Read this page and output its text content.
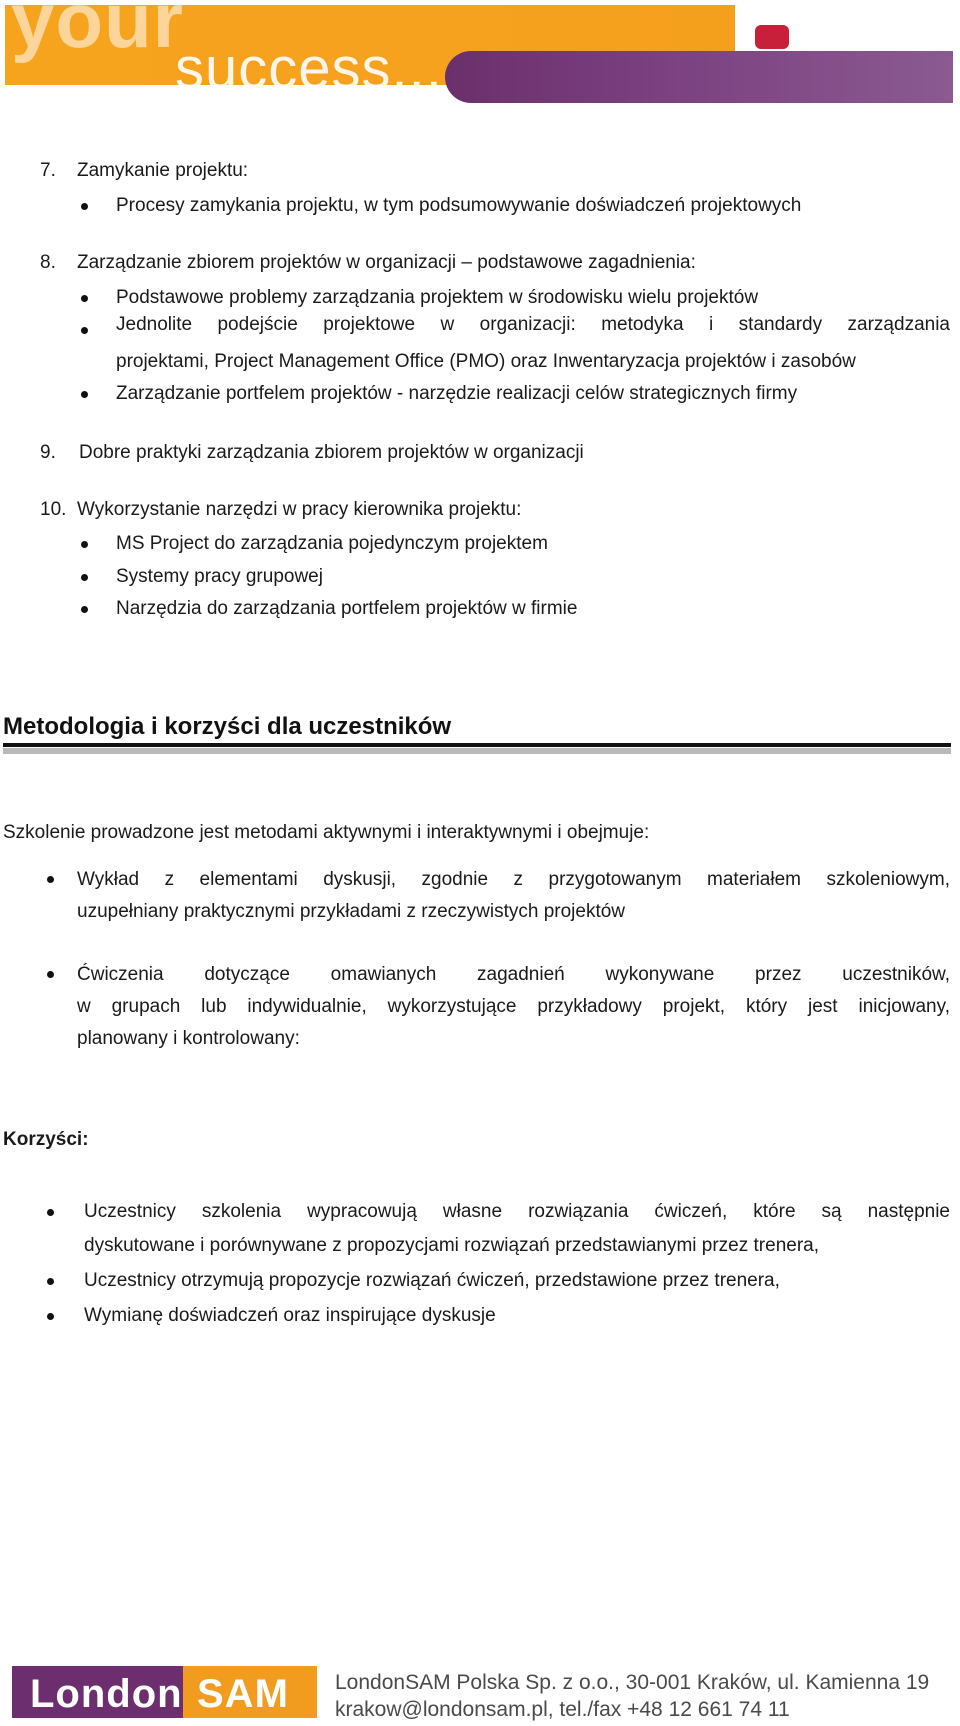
your
success...
7. Zamykanie projektu:
Procesy zamykania projektu, w tym podsumowywanie doświadczeń projektowych
8. Zarządzanie zbiorem projektów w organizacji – podstawowe zagadnienia:
Podstawowe problemy zarządzania projektem w środowisku wielu projektów
Jednolite podejście projektowe w organizacji: metodyka i standardy zarządzania
projektami, Project Management Office (PMO) oraz Inwentaryzacja projektów i zasobów
Zarządzanie portfelem projektów - narzędzie realizacji celów strategicznych firmy
9. Dobre praktyki zarządzania zbiorem projektów w organizacji
10. Wykorzystanie narzędzi w pracy kierownika projektu:
MS Project do zarządzania pojedynczym projektem
Systemy pracy grupowej
Narzędzia do zarządzania portfelem projektów w firmie
Metodologia i korzyści dla uczestników
Szkolenie prowadzone jest metodami aktywnymi i interaktywnymi i obejmuje:
Wykład z elementami dyskusji, zgodnie z przygotowanym materiałem szkoleniowym,
uzupełniany praktycznymi przykładami z rzeczywistych projektów
Ćwiczenia dotyczące omawianych zagadnień wykonywane przez uczestników,
w grupach lub indywidualnie, wykorzystujące przykładowy projekt, który jest inicjowany,
planowany i kontrolowany:
Korzyści:
Uczestnicy szkolenia wypracowują własne rozwiązania ćwiczeń, które są następnie
dyskutowane i porównywane z propozycjami rozwiązań przedstawianymi przez trenera,
Uczestnicy otrzymują propozycje rozwiązań ćwiczeń, przedstawione przez trenera,
Wymianę doświadczeń oraz inspirujące dyskusje
London SAM LondonSAM Polska Sp. z o.o., 30-001 Kraków, ul. Kamienna 19
krakow@londonsam.pl, tel./fax +48 12 661 74 11
